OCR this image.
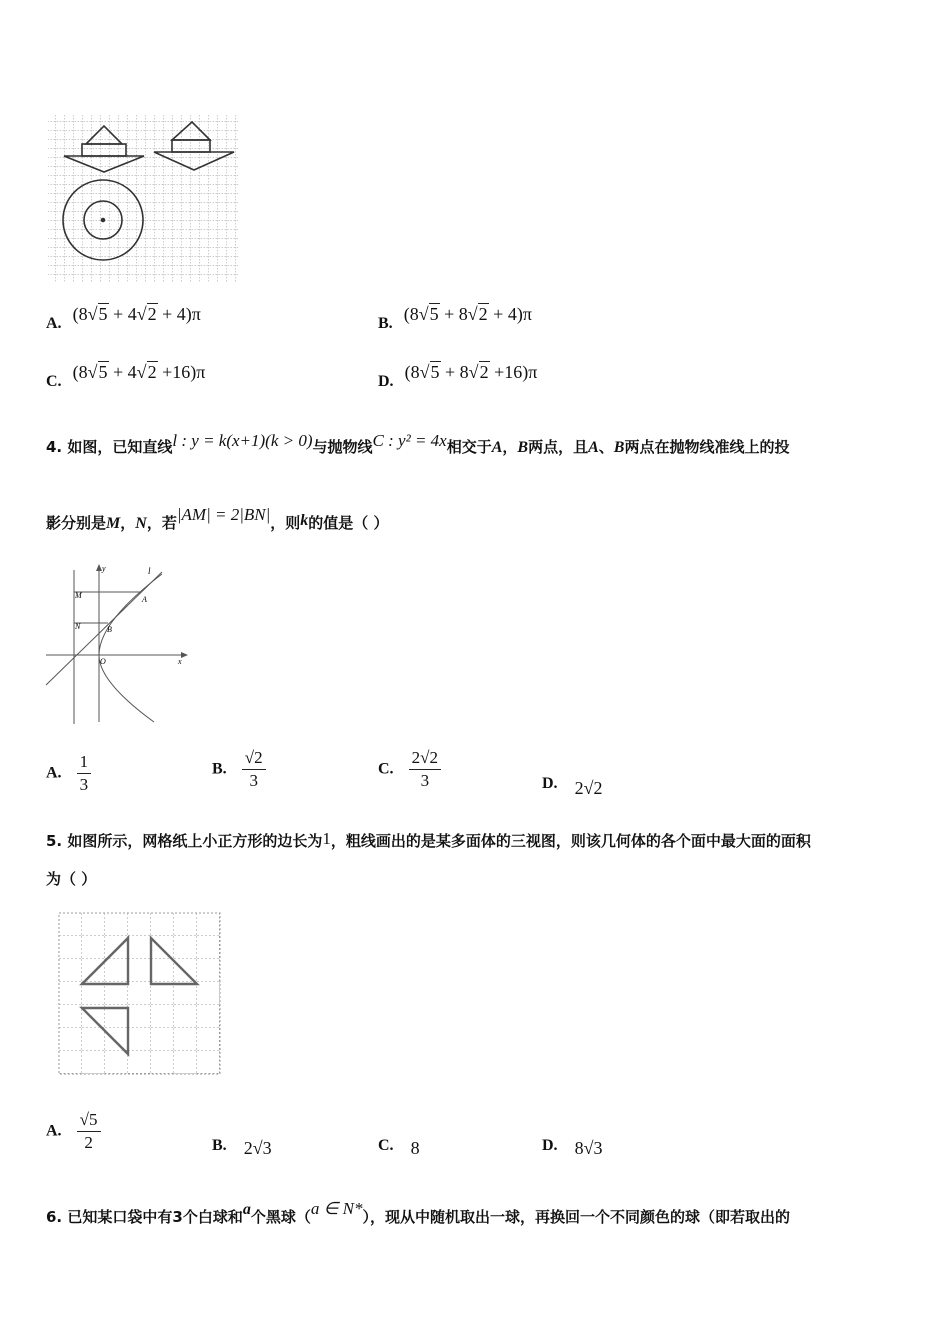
A. (8√5 + 4√2 + 4)π	B. (8√5 + 8√2 + 4)π
C. (8√5 + 4√2 +16)π	D. (8√5 + 8√2 +16)π
4. 如图，已知直线l : y = k(x+1)(k > 0)与抛物线C : y² = 4x相交于A，B两点，且A、B两点在抛物线准线上的投
影分别是M，N，若|AM| = 2|BN|，则k的值是（ ）
y
x
l
M	A
N	B
O
A. $\frac{1}{3}$	B. $\frac{√2}{3}$	C. $\frac{2√2}{3}$	D. 2√2
5. 如图所示，网格纸上小正方形的边长为1，粗线画出的是某多面体的三视图，则该几何体的各个面中最大面的面积
为（ ）
A. $\frac{√5}{2}$	B. 2√3	C. 8	D. 8√3
6. 已知某口袋中有3个白球和a个黑球（a ∈ N*），现从中随机取出一球，再换回一个不同颜色的球（即若取出的
